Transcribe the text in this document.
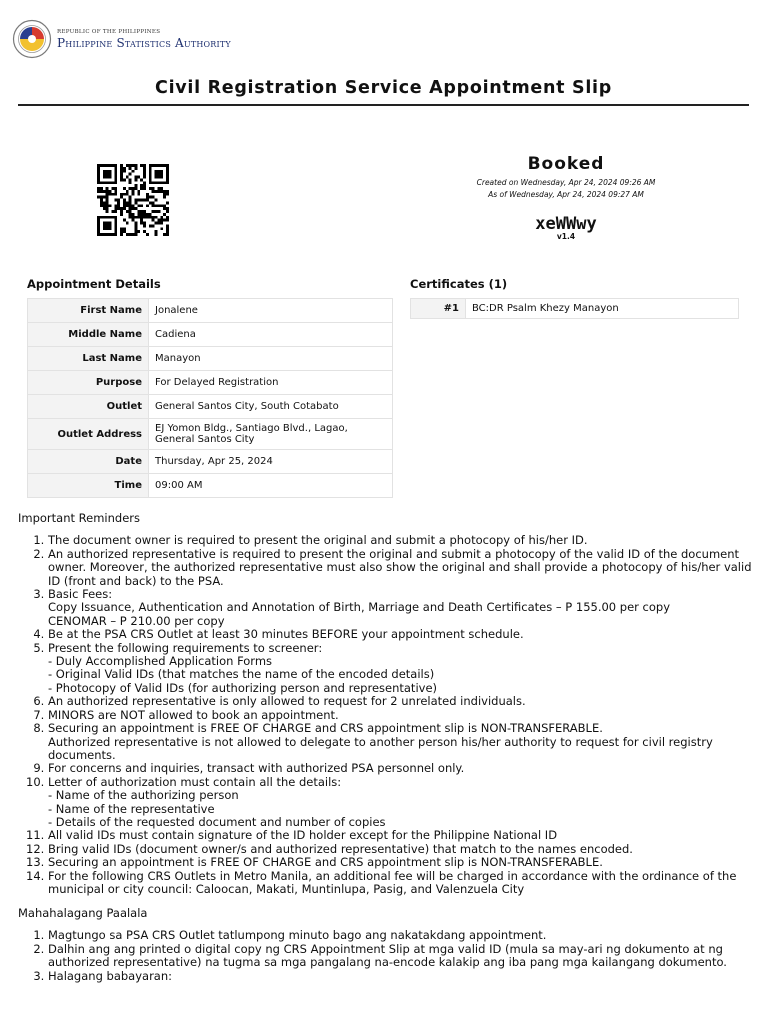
REPUBLIC OF THE PHILIPPINES
Philippine Statistics Authority
Civil Registration Service Appointment Slip
Booked
Created on Wednesday, Apr 24, 2024 09:26 AM
As of Wednesday, Apr 24, 2024 09:27 AM
xeWWwy
v1.4
Appointment Details
First Name	Jonalene
Middle Name	Cadiena
Last Name	Manayon
Purpose	For Delayed Registration
Outlet	General Santos City, South Cotabato
Outlet Address	EJ Yomon Bldg., Santiago Blvd., Lagao, General Santos City
Date	Thursday, Apr 25, 2024
Time	09:00 AM
Certificates (1)
#1	BC:DR Psalm Khezy Manayon

Important Reminders

1. The document owner is required to present the original and submit a photocopy of his/her ID.
2. An authorized representative is required to present the original and submit a photocopy of the valid ID of the document owner. Moreover, the authorized representative must also show the original and shall provide a photocopy of his/her valid ID (front and back) to the PSA.
3. Basic Fees:
Copy Issuance, Authentication and Annotation of Birth, Marriage and Death Certificates – P 155.00 per copy
CENOMAR – P 210.00 per copy
4. Be at the PSA CRS Outlet at least 30 minutes BEFORE your appointment schedule.
5. Present the following requirements to screener:
- Duly Accomplished Application Forms
- Original Valid IDs (that matches the name of the encoded details)
- Photocopy of Valid IDs (for authorizing person and representative)
6. An authorized representative is only allowed to request for 2 unrelated individuals.
7. MINORS are NOT allowed to book an appointment.
8. Securing an appointment is FREE OF CHARGE and CRS appointment slip is NON-TRANSFERABLE.
Authorized representative is not allowed to delegate to another person his/her authority to request for civil registry documents.
9. For concerns and inquiries, transact with authorized PSA personnel only.
10. Letter of authorization must contain all the details:
- Name of the authorizing person
- Name of the representative
- Details of the requested document and number of copies
11. All valid IDs must contain signature of the ID holder except for the Philippine National ID
12. Bring valid IDs (document owner/s and authorized representative) that match to the names encoded.
13. Securing an appointment is FREE OF CHARGE and CRS appointment slip is NON-TRANSFERABLE.
14. For the following CRS Outlets in Metro Manila, an additional fee will be charged in accordance with the ordinance of the municipal or city council: Caloocan, Makati, Muntinlupa, Pasig, and Valenzuela City

Mahahalagang Paalala

1. Magtungo sa PSA CRS Outlet tatlumpong minuto bago ang nakatakdang appointment.
2. Dalhin ang ang printed o digital copy ng CRS Appointment Slip at mga valid ID (mula sa may-ari ng dokumento at ng authorized representative) na tugma sa mga pangalang na-encode kalakip ang iba pang mga kailangang dokumento.
3. Halagang babayaran:
